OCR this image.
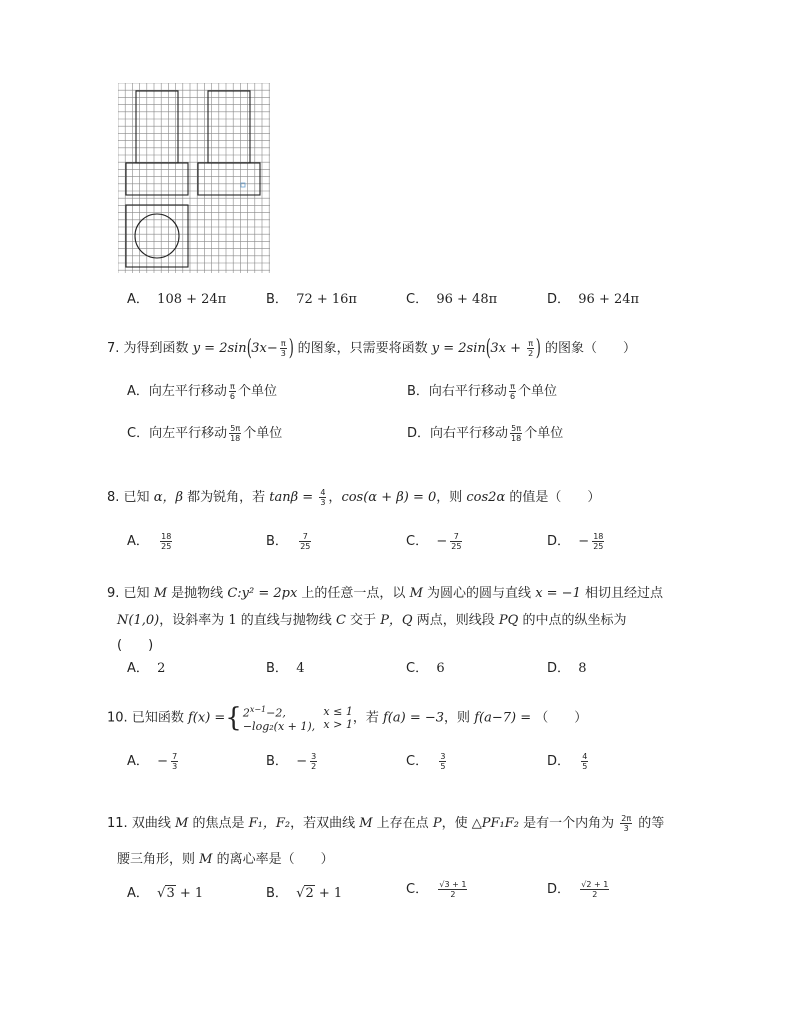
A． 108 + 24π	B． 72 + 16π	C． 96 + 48π	D． 96 + 24π
7. 为得到函数 $y = 2\sin(3x- \frac{\pi}{3}$ ) 的图象，只需要将函数 $y = 2\sin(3x + \frac{\pi}{2}$ ) 的图象（　　）
A．向左平行移动 $\frac{\pi}{6}$ 个单位	B．向右平行移动 $\frac{\pi}{6}$ 个单位
C．向左平行移动 $\frac{5\pi}{18}$ 个单位	D．向右平行移动 $\frac{5\pi}{18}$ 个单位
8. 已知 α，β 都为锐角，若 $\tan\beta = \frac{4}{3}$ ，cos(α + β) = 0，则 cos2α 的值是（　　）
A． $\frac{18}{25}$	B． $\frac{7}{25}$	C． − $\frac{7}{25}$	D． − $\frac{18}{25}$
9. 已知 M 是抛物线 C:y² = 2px 上的任意一点，以 M 为圆心的圆与直线 x = −1 相切且经过点
N(1,0)，设斜率为 1 的直线与抛物线 C 交于 P，Q 两点，则线段 PQ 的中点的纵坐标为
(　　)
A． 2	B． 4	C． 6	D． 8
10. 已知函数 f(x) ={ $2^{x-1}-2$,
−log₂(x + 1),

x ≤ 1
x > 1 ，若 f(a) = −3，则 f(a−7) = （　　）
A． − $\frac{7}{3}$	B． − $\frac{3}{2}$	C． $\frac{3}{5}$	D． $\frac{4}{5}$
11. 双曲线 M 的焦点是 F₁，F₂，若双曲线 M 上存在点 P，使 △PF₁F₂ 是有一个内角为 $\frac{2\pi}{3}$ 的等
腰三角形，则 M 的离心率是（　　）
A． √3 + 1	B． √2 + 1	C． $\frac{√3 + 1}{2}$	D． $\frac{√2 + 1}{2}$
